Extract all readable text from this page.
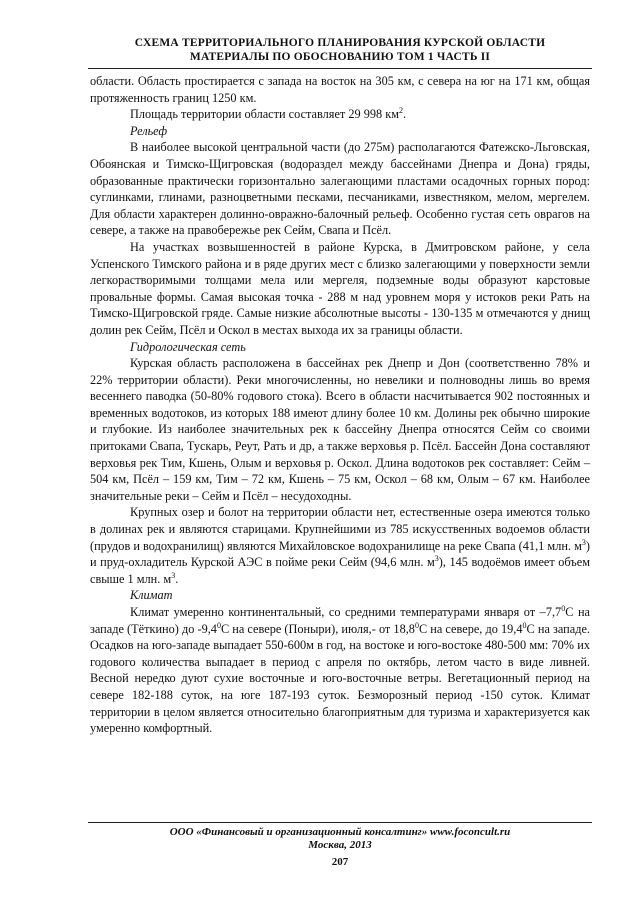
СХЕМА ТЕРРИТОРИАЛЬНОГО ПЛАНИРОВАНИЯ КУРСКОЙ ОБЛАСТИ
МАТЕРИАЛЫ ПО ОБОСНОВАНИЮ ТОМ 1 ЧАСТЬ II

области. Область простирается с запада на восток на 305 км, с севера на юг на 171 км, общая протяженность границ 1250 км.

Площадь территории области составляет 29 998 $км^2$.

Рельеф

В наиболее высокой центральной части (до 275м) располагаются Фатежско-Льговская, Обоянская и Тимско-Щигровская (водораздел между бассейнами Днепра и Дона) гряды, образованные практически горизонтально залегающими пластами осадочных горных пород: суглинками, глинами, разноцветными песками, песчаниками, известняком, мелом, мергелем. Для области характерен долинно-овражно-балочный рельеф. Особенно густая сеть оврагов на севере, а также на правобережье рек Сейм, Свапа и Псёл.

На участках возвышенностей в районе Курска, в Дмитровском районе, у села Успенского Тимского района и в ряде других мест с близко залегающими у поверхности земли легкорастворимыми толщами мела или мергеля, подземные воды образуют карстовые провальные формы. Самая высокая точка - 288 м над уровнем моря у истоков реки Рать на Тимско-Щигровской гряде. Самые низкие абсолютные высоты - 130-135 м отмечаются у днищ долин рек Сейм, Псёл и Оскол в местах выхода их за границы области.

Гидрологическая сеть

Курская область расположена в бассейнах рек Днепр и Дон (соответственно 78% и 22% территории области). Реки многочисленны, но невелики и полноводны лишь во время весеннего паводка (50-80% годового стока). Всего в области насчитывается 902 постоянных и временных водотоков, из которых 188 имеют длину более 10 км. Долины рек обычно широкие и глубокие. Из наиболее значительных рек к бассейну Днепра относятся Сейм со своими притоками Свапа, Тускарь, Реут, Рать и др, а также верховья р. Псёл. Бассейн Дона составляют верховья рек Тим, Кшень, Олым и верховья р. Оскол. Длина водотоков рек составляет: Сейм – 504 км, Псёл – 159 км, Тим – 72 км, Кшень – 75 км, Оскол – 68 км, Олым – 67 км. Наиболее значительные реки – Сейм и Псёл – несудоходны.

Крупных озер и болот на территории области нет, естественные озера имеются только в долинах рек и являются старицами. Крупнейшими из 785 искусственных водоемов области (прудов и водохранилищ) являются Михайловское водохранилище на реке Свапа (41,1 млн. $м^3$) и пруд-охладитель Курской АЭС в пойме реки Сейм (94,6 млн. $м^3$), 145 водоёмов имеет объем свыше 1 млн. $м^3$.

Климат

Климат умеренно континентальный, со средними температурами января от $-7,7^0С$ на западе (Тёткино) до $-9,4^0С$ на севере (Поныри), июля,- от 18,8$^0$С на севере, до 19,4$^0$С на западе. Осадков на юго-западе выпадает 550-600м в год, на востоке и юго-востоке 480-500 мм: 70% их годового количества выпадает в период с апреля по октябрь, летом часто в виде ливней. Весной нередко дуют сухие восточные и юго-восточные ветры. Вегетационный период на севере 182-188 суток, на юге 187-193 суток. Безморозный период -150 суток. Климат территории в целом является относительно благоприятным для туризма и характеризуется как умеренно комфортный.

ООО «Финансовый и организационный консалтинг» www.foconcult.ru
Москва, 2013
207
